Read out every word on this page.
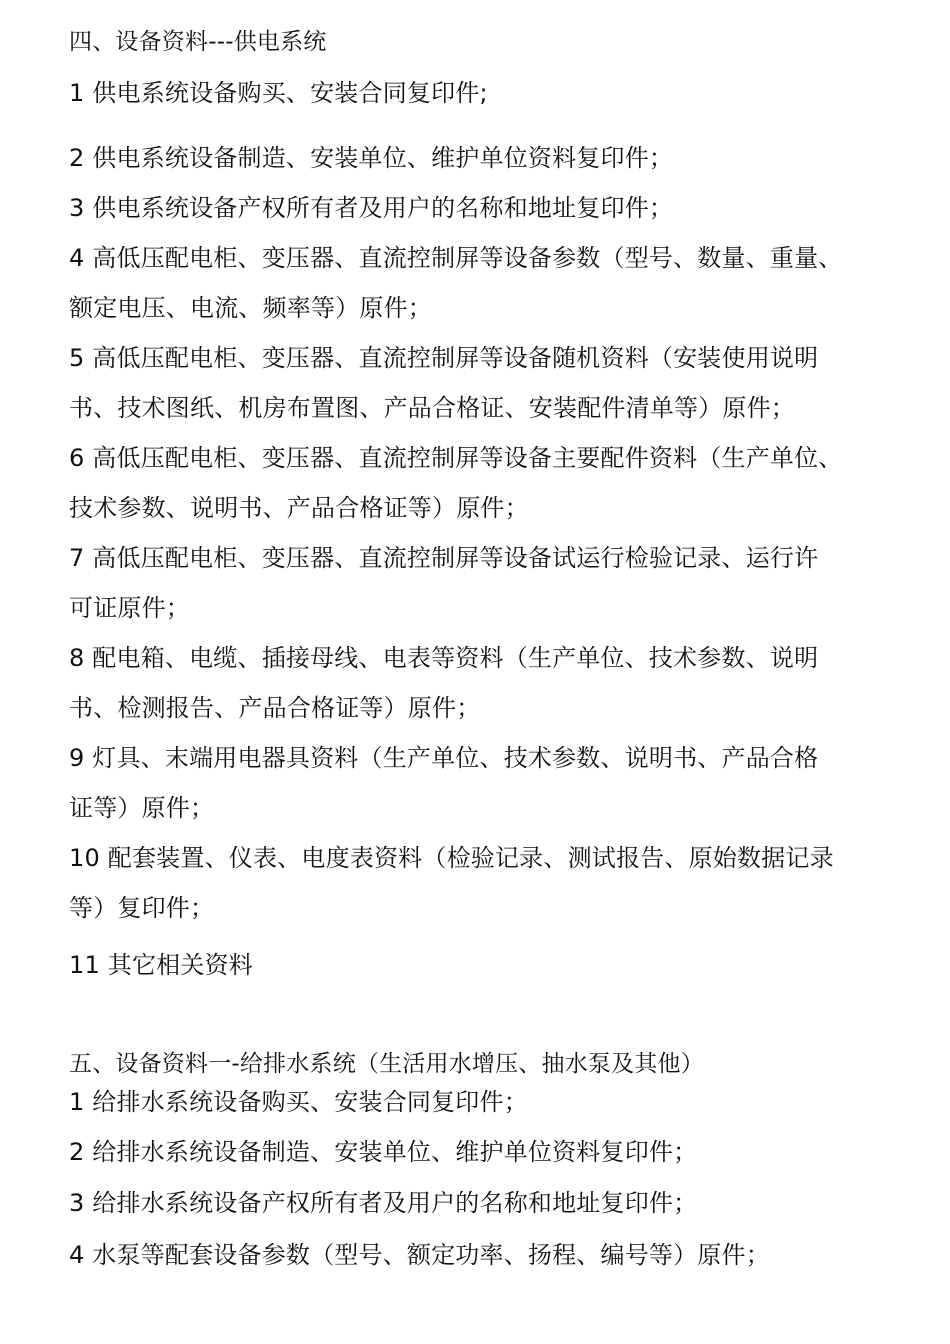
四、设备资料---供电系统
1 供电系统设备购买、安装合同复印件;
2 供电系统设备制造、安装单位、维护单位资料复印件；
3 供电系统设备产权所有者及用户的名称和地址复印件；
4 高低压配电柜、变压器、直流控制屏等设备参数（型号、数量、重量、
额定电压、电流、频率等）原件；
5 高低压配电柜、变压器、直流控制屏等设备随机资料（安装使用说明
书、技术图纸、机房布置图、产品合格证、安装配件清单等）原件；
6 高低压配电柜、变压器、直流控制屏等设备主要配件资料（生产单位、
技术参数、说明书、产品合格证等）原件；
7 高低压配电柜、变压器、直流控制屏等设备试运行检验记录、运行许
可证原件；
8 配电箱、电缆、插接母线、电表等资料（生产单位、技术参数、说明
书、检测报告、产品合格证等）原件；
9 灯具、末端用电器具资料（生产单位、技术参数、说明书、产品合格
证等）原件；
10 配套装置、仪表、电度表资料（检验记录、测试报告、原始数据记录
等）复印件；
11 其它相关资料
五、设备资料一-给排水系统（生活用水增压、抽水泵及其他）
1 给排水系统设备购买、安装合同复印件；
2 给排水系统设备制造、安装单位、维护单位资料复印件；
3 给排水系统设备产权所有者及用户的名称和地址复印件；
4 水泵等配套设备参数（型号、额定功率、扬程、编号等）原件；
